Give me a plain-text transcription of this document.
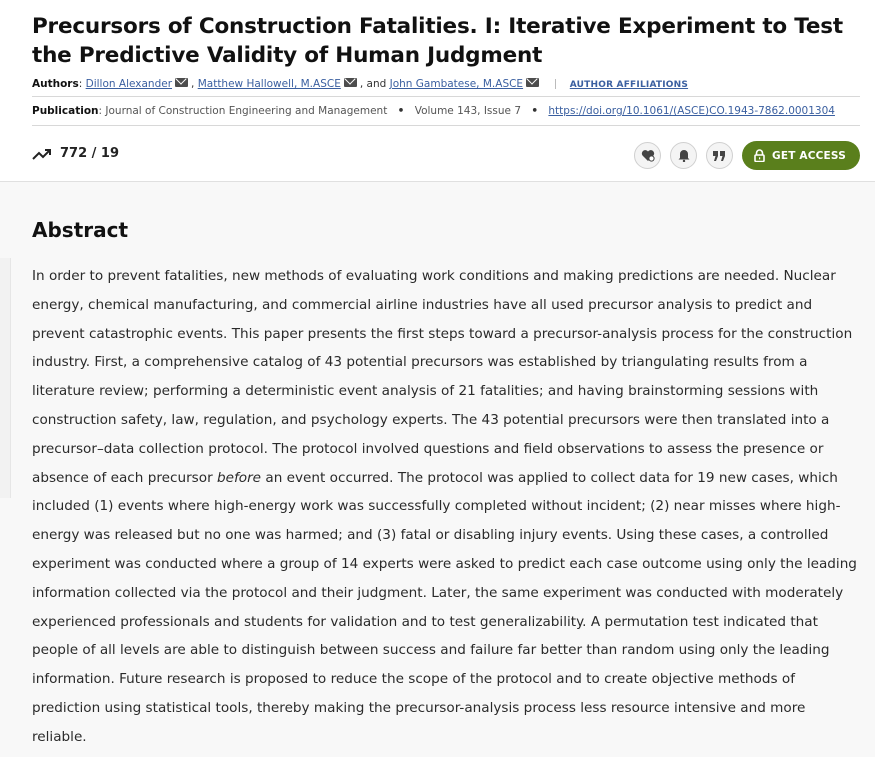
Precursors of Construction Fatalities. I: Iterative Experiment to Test the Predictive Validity of Human Judgment
Authors: Dillon Alexander , Matthew Hallowell, M.ASCE , and John Gambatese, M.ASCE	AUTHOR AFFILIATIONS
Publication: Journal of Construction Engineering and Management • Volume 143, Issue 7 • https://doi.org/10.1061/(ASCE)CO.1943-7862.0001304
772 / 19	GET ACCESS
Abstract

In order to prevent fatalities, new methods of evaluating work conditions and making predictions are needed. Nuclear energy, chemical manufacturing, and commercial airline industries have all used precursor analysis to predict and prevent catastrophic events. This paper presents the first steps toward a precursor-analysis process for the construction industry. First, a comprehensive catalog of 43 potential precursors was established by triangulating results from a literature review; performing a deterministic event analysis of 21 fatalities; and having brainstorming sessions with construction safety, law, regulation, and psychology experts. The 43 potential precursors were then translated into a precursor–data collection protocol. The protocol involved questions and field observations to assess the presence or absence of each precursor before an event occurred. The protocol was applied to collect data for 19 new cases, which included (1) events where high-energy work was successfully completed without incident; (2) near misses where high-energy was released but no one was harmed; and (3) fatal or disabling injury events. Using these cases, a controlled experiment was conducted where a group of 14 experts were asked to predict each case outcome using only the leading information collected via the protocol and their judgment. Later, the same experiment was conducted with moderately experienced professionals and students for validation and to test generalizability. A permutation test indicated that people of all levels are able to distinguish between success and failure far better than random using only the leading information. Future research is proposed to reduce the scope of the protocol and to create objective methods of prediction using statistical tools, thereby making the precursor-analysis process less resource intensive and more reliable.
